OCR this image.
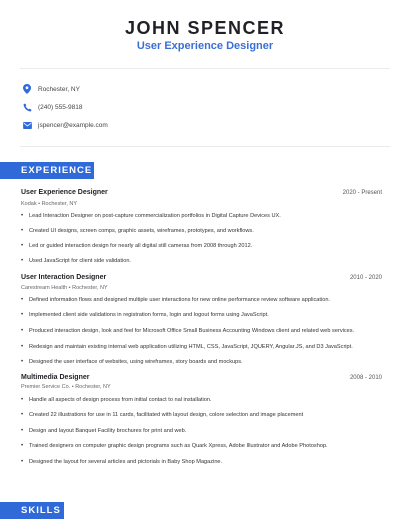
JOHN SPENCER
User Experience Designer
Rochester, NY
(240) 555-9818
jspencer@example.com
EXPERIENCE
User Experience Designer	2020 - Present
Kodak • Rochester, NY
•	Lead Interaction Designer on post-capture commercialization portfolios in Digital Capture Devices UX.
•	Created UI designs, screen comps, graphic assets, wireframes, prototypes, and workflows.
•	Led or guided interaction design for nearly all digital still cameras from 2008 through 2012.
•	Used JavaScript for client side validation.
User Interaction Designer	2010 - 2020
Carestream Health • Rochester, NY
•	Defined information flows and designed multiple user interactions for new online performance review software application.
•	Implemented client side validations in registration forms, login and logout forms using JavaScript.
•	Produced interaction design, look and feel for Microsoft Office Small Business Accounting Windows client and related web services.
•	Redesign and maintain existing internal web application utilizing HTML, CSS, JavaScript, JQUERY, Angular.JS, and D3 JavaScript.
•	Designed the user interface of websites, using wireframes, story boards and mockups.
Multimedia Designer	2008 - 2010
Premier Service Co. • Rochester, NY
•	Handle all aspects of design process from initial contact to nal installation.
•	Created 22 illustrations for use in 11 cards, facilitated with layout design, colore selection and image placement
•	Design and layout Banquet Facility brochures for print and web.
•	Trained designers on computer graphic design programs such as Quark Xpress, Adobe Illustrator and Adobe Photoshop.
•	Designed the layout for several articles and pictorials in Baby Shop Magazine.
SKILLS
